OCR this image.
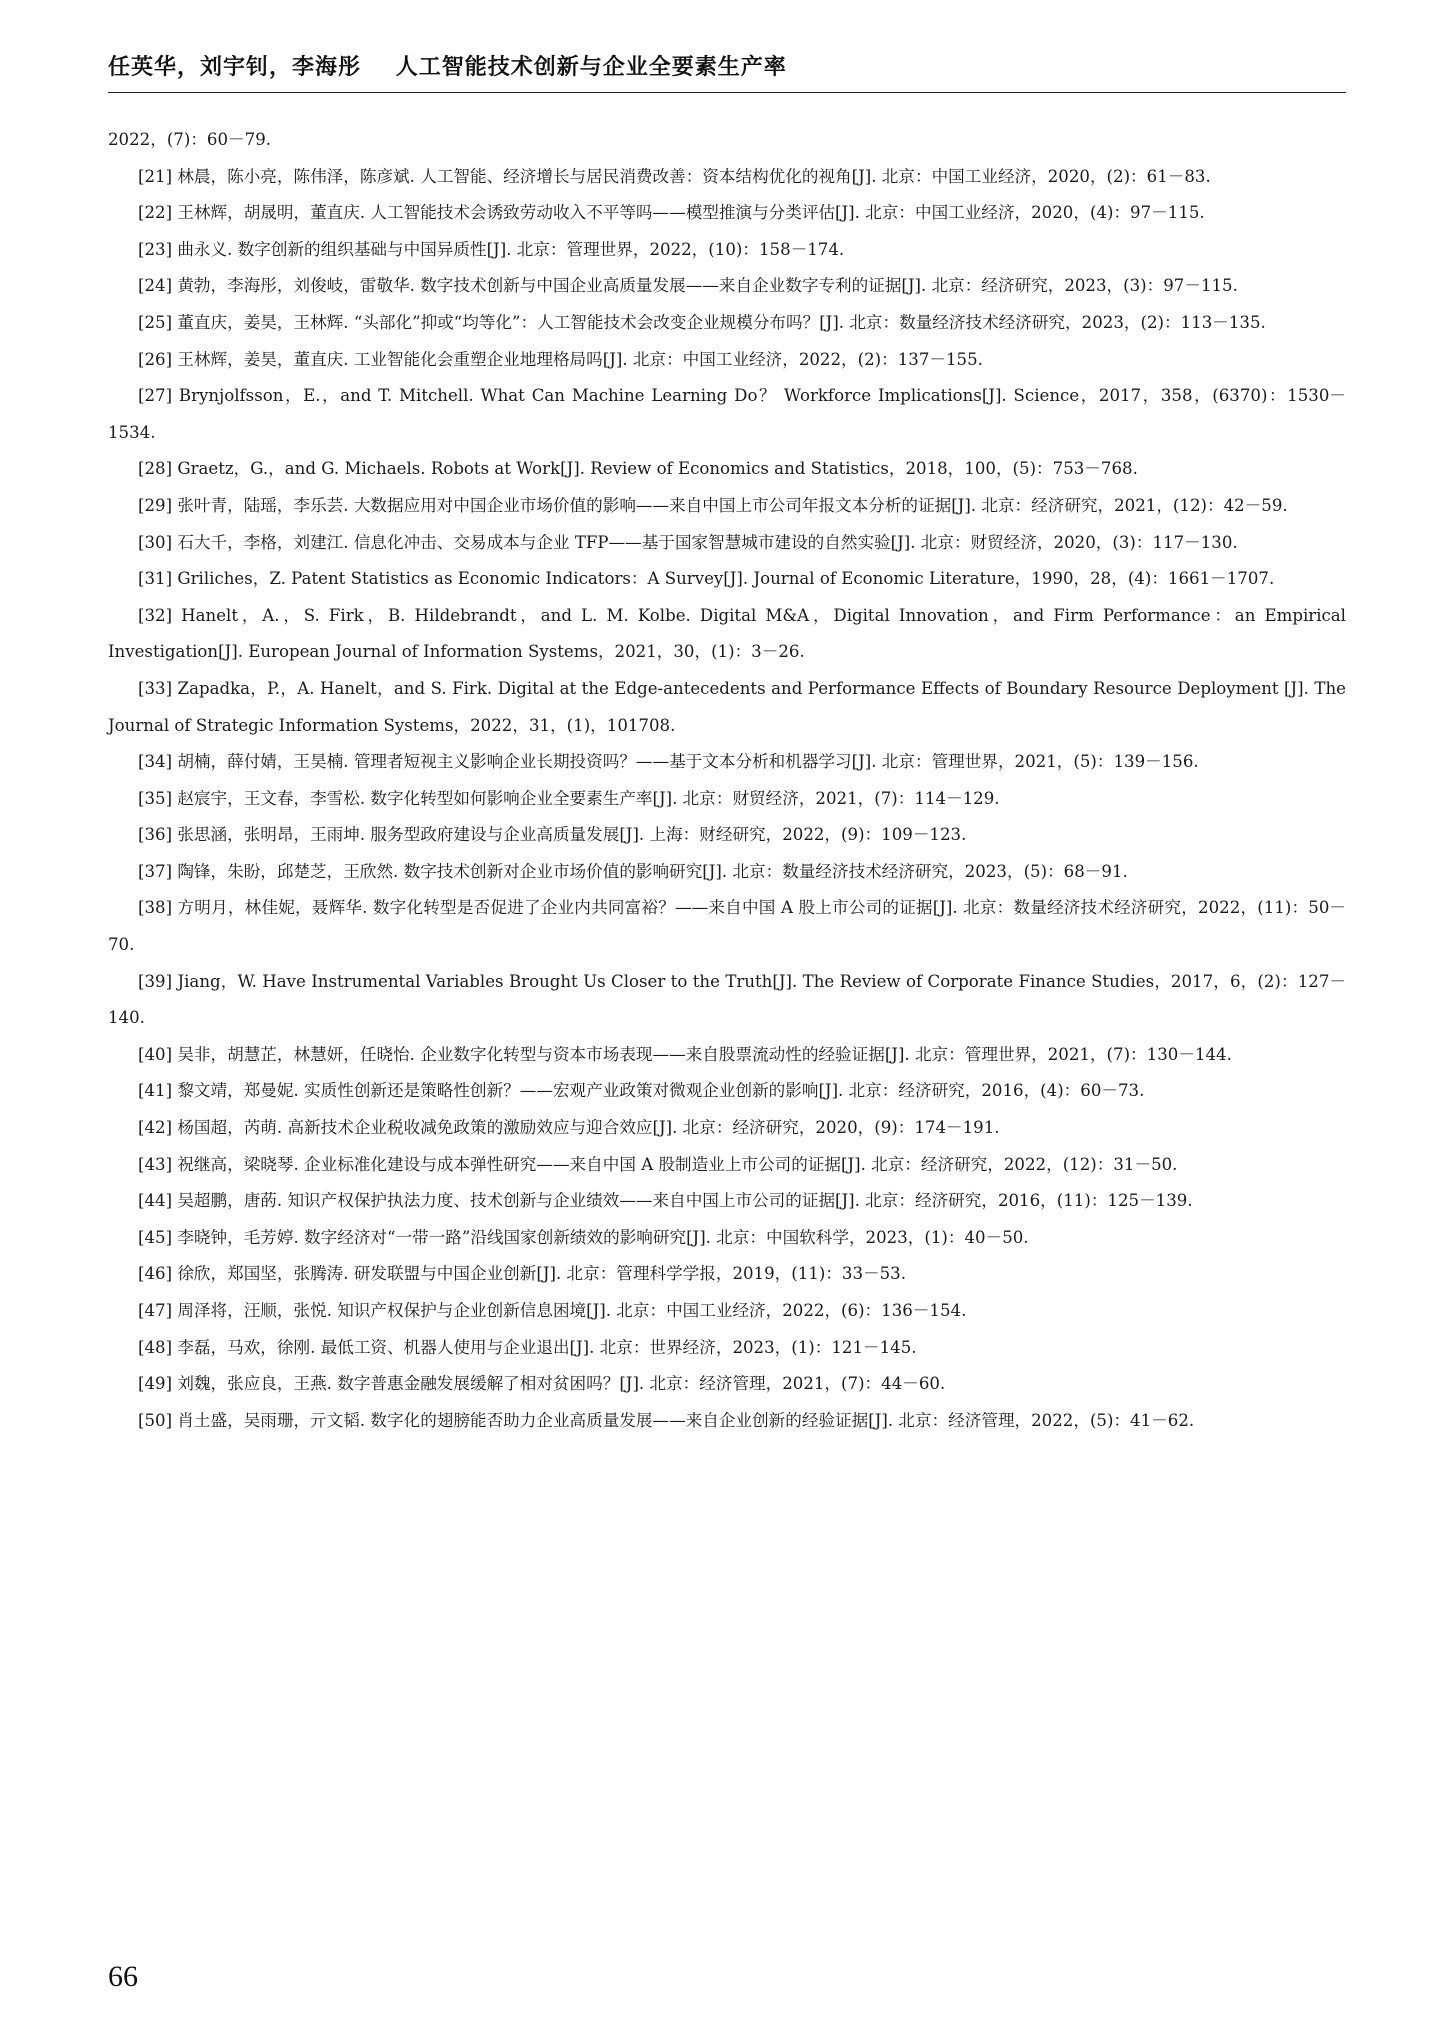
任英华，刘宇钊，李海彤 人工智能技术创新与企业全要素生产率

2022，(7)：60－79.

[21] 林晨，陈小亮，陈伟泽，陈彦斌. 人工智能、经济增长与居民消费改善：资本结构优化的视角[J]. 北京：中国工业经济，2020，(2)：61－83.

[22] 王林辉，胡晟明，董直庆. 人工智能技术会诱致劳动收入不平等吗——模型推演与分类评估[J]. 北京：中国工业经济，2020，(4)：97－115.

[23] 曲永义. 数字创新的组织基础与中国异质性[J]. 北京：管理世界，2022，(10)：158－174.

[24] 黄勃，李海彤，刘俊岐，雷敬华. 数字技术创新与中国企业高质量发展——来自企业数字专利的证据[J]. 北京：经济研究，2023，(3)：97－115.

[25] 董直庆，姜昊，王林辉. “头部化”抑或“均等化”：人工智能技术会改变企业规模分布吗？[J]. 北京：数量经济技术经济研究，2023，(2)：113－135.

[26] 王林辉，姜昊，董直庆. 工业智能化会重塑企业地理格局吗[J]. 北京：中国工业经济，2022，(2)：137－155.

[27] Brynjolfsson，E.，and T. Mitchell. What Can Machine Learning Do？ Workforce Implications[J]. Science，2017，358，(6370)：1530－1534.

[28] Graetz，G.，and G. Michaels. Robots at Work[J]. Review of Economics and Statistics，2018，100，(5)：753－768.

[29] 张叶青，陆瑶，李乐芸. 大数据应用对中国企业市场价值的影响——来自中国上市公司年报文本分析的证据[J]. 北京：经济研究，2021，(12)：42－59.

[30] 石大千，李格，刘建江. 信息化冲击、交易成本与企业 TFP——基于国家智慧城市建设的自然实验[J]. 北京：财贸经济，2020，(3)：117－130.

[31] Griliches，Z. Patent Statistics as Economic Indicators：A Survey[J]. Journal of Economic Literature，1990，28，(4)：1661－1707.

[32] Hanelt，A.，S. Firk，B. Hildebrandt，and L. M. Kolbe. Digital M&A，Digital Innovation，and Firm Performance：an Empirical Investigation[J]. European Journal of Information Systems，2021，30，(1)：3－26.

[33] Zapadka，P.，A. Hanelt，and S. Firk. Digital at the Edge-antecedents and Performance Effects of Boundary Resource Deployment [J]. The Journal of Strategic Information Systems，2022，31，(1)，101708.

[34] 胡楠，薛付婧，王昊楠. 管理者短视主义影响企业长期投资吗？——基于文本分析和机器学习[J]. 北京：管理世界，2021，(5)：139－156.

[35] 赵宸宇，王文春，李雪松. 数字化转型如何影响企业全要素生产率[J]. 北京：财贸经济，2021，(7)：114－129.

[36] 张思涵，张明昂，王雨坤. 服务型政府建设与企业高质量发展[J]. 上海：财经研究，2022，(9)：109－123.

[37] 陶锋，朱盼，邱楚芝，王欣然. 数字技术创新对企业市场价值的影响研究[J]. 北京：数量经济技术经济研究，2023，(5)：68－91.

[38] 方明月，林佳妮，聂辉华. 数字化转型是否促进了企业内共同富裕？——来自中国 A 股上市公司的证据[J]. 北京：数量经济技术经济研究，2022，(11)：50－70.

[39] Jiang，W. Have Instrumental Variables Brought Us Closer to the Truth[J]. The Review of Corporate Finance Studies，2017，6，(2)：127－140.

[40] 吴非，胡慧芷，林慧妍，任晓怡. 企业数字化转型与资本市场表现——来自股票流动性的经验证据[J]. 北京：管理世界，2021，(7)：130－144.

[41] 黎文靖，郑曼妮. 实质性创新还是策略性创新？——宏观产业政策对微观企业创新的影响[J]. 北京：经济研究，2016，(4)：60－73.

[42] 杨国超，芮萌. 高新技术企业税收减免政策的激励效应与迎合效应[J]. 北京：经济研究，2020，(9)：174－191.

[43] 祝继高，梁晓琴. 企业标准化建设与成本弹性研究——来自中国 A 股制造业上市公司的证据[J]. 北京：经济研究，2022，(12)：31－50.

[44] 吴超鹏，唐菂. 知识产权保护执法力度、技术创新与企业绩效——来自中国上市公司的证据[J]. 北京：经济研究，2016，(11)：125－139.

[45] 李晓钟，毛芳婷. 数字经济对“一带一路”沿线国家创新绩效的影响研究[J]. 北京：中国软科学，2023，(1)：40－50.

[46] 徐欣，郑国坚，张腾涛. 研发联盟与中国企业创新[J]. 北京：管理科学学报，2019，(11)：33－53.

[47] 周泽将，汪顺，张悦. 知识产权保护与企业创新信息困境[J]. 北京：中国工业经济，2022，(6)：136－154.

[48] 李磊，马欢，徐刚. 最低工资、机器人使用与企业退出[J]. 北京：世界经济，2023，(1)：121－145.

[49] 刘魏，张应良，王燕. 数字普惠金融发展缓解了相对贫困吗？[J]. 北京：经济管理，2021，(7)：44－60.

[50] 肖土盛，吴雨珊，亓文韬. 数字化的翅膀能否助力企业高质量发展——来自企业创新的经验证据[J]. 北京：经济管理，2022，(5)：41－62.

66
